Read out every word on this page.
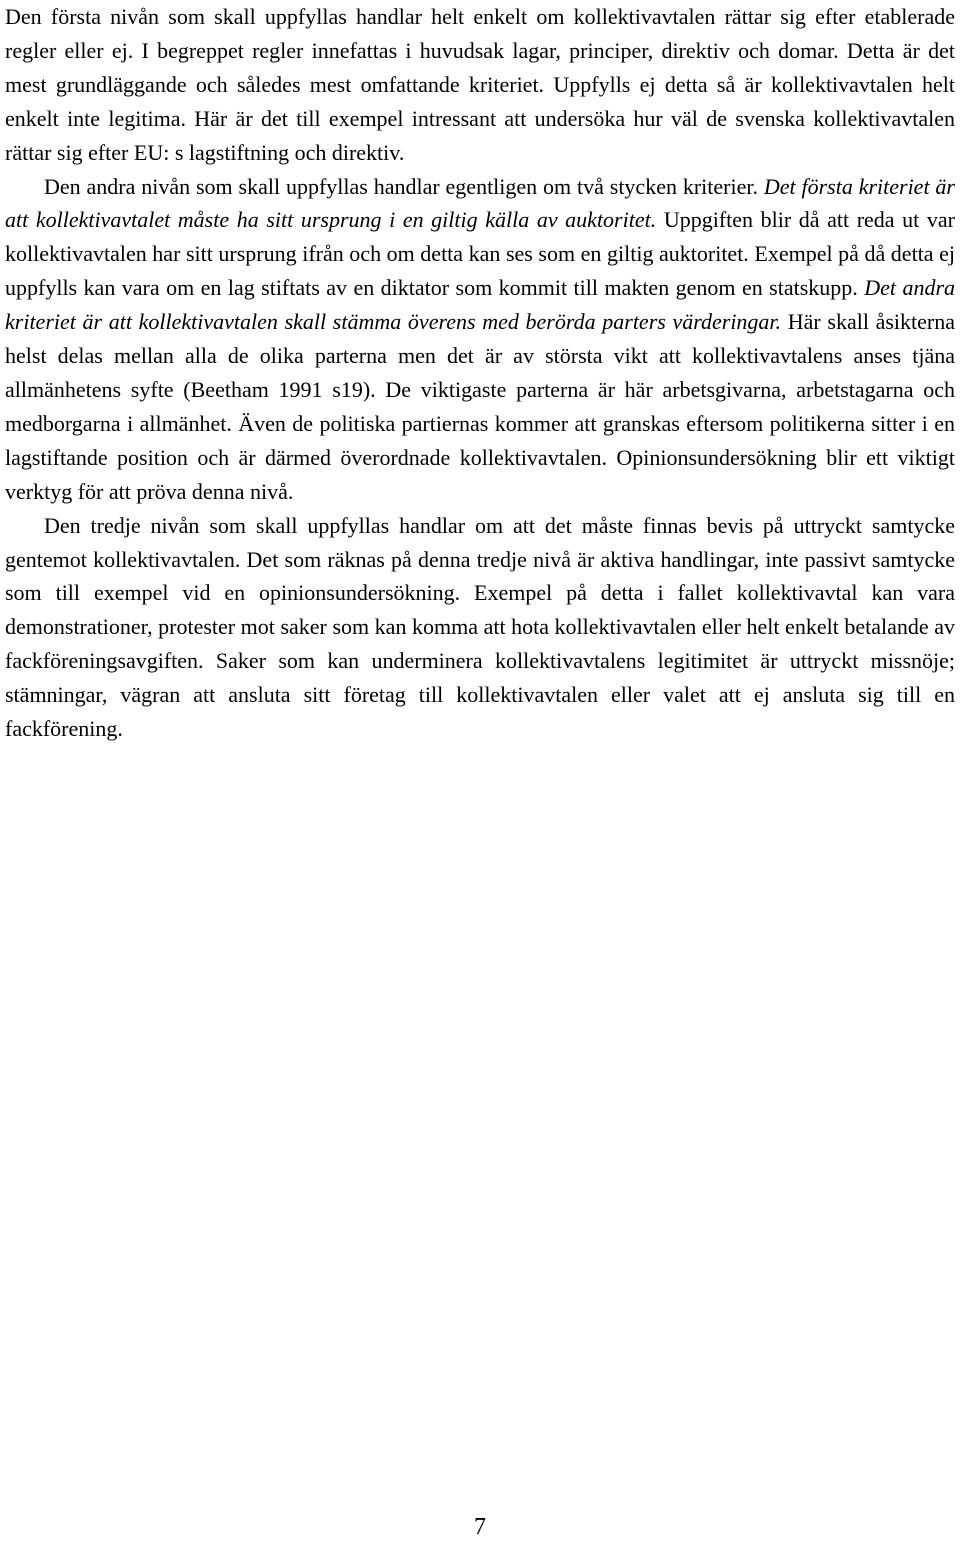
Den första nivån som skall uppfyllas handlar helt enkelt om kollektivavtalen rättar sig efter etablerade regler eller ej. I begreppet regler innefattas i huvudsak lagar, principer, direktiv och domar. Detta är det mest grundläggande och således mest omfattande kriteriet. Uppfylls ej detta så är kollektivavtalen helt enkelt inte legitima. Här är det till exempel intressant att undersöka hur väl de svenska kollektivavtalen rättar sig efter EU: s lagstiftning och direktiv.

Den andra nivån som skall uppfyllas handlar egentligen om två stycken kriterier. Det första kriteriet är att kollektivavtalet måste ha sitt ursprung i en giltig källa av auktoritet. Uppgiften blir då att reda ut var kollektivavtalen har sitt ursprung ifrån och om detta kan ses som en giltig auktoritet. Exempel på då detta ej uppfylls kan vara om en lag stiftats av en diktator som kommit till makten genom en statskupp. Det andra kriteriet är att kollektivavtalen skall stämma överens med berörda parters värderingar. Här skall åsikterna helst delas mellan alla de olika parterna men det är av största vikt att kollektivavtalens anses tjäna allmänhetens syfte (Beetham 1991 s19). De viktigaste parterna är här arbetsgivarna, arbetstagarna och medborgarna i allmänhet. Även de politiska partiernas kommer att granskas eftersom politikerna sitter i en lagstiftande position och är därmed överordnade kollektivavtalen. Opinionsundersökning blir ett viktigt verktyg för att pröva denna nivå.

Den tredje nivån som skall uppfyllas handlar om att det måste finnas bevis på uttryckt samtycke gentemot kollektivavtalen. Det som räknas på denna tredje nivå är aktiva handlingar, inte passivt samtycke som till exempel vid en opinionsundersökning. Exempel på detta i fallet kollektivavtal kan vara demonstrationer, protester mot saker som kan komma att hota kollektivavtalen eller helt enkelt betalande av fackföreningsavgiften. Saker som kan underminera kollektivavtalens legitimitet är uttryckt missnöje; stämningar, vägran att ansluta sitt företag till kollektivavtalen eller valet att ej ansluta sig till en fackförening.

7
